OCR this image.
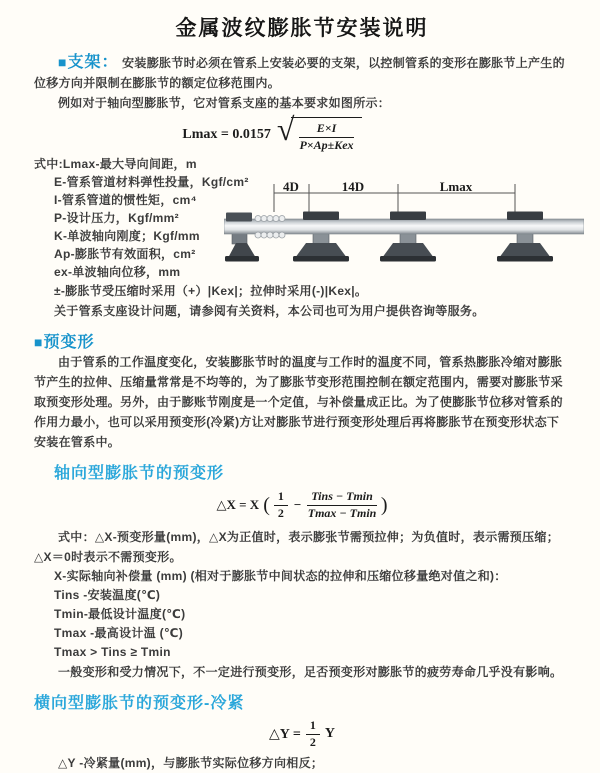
金属波纹膨胀节安装说明

■支架： 安装膨胀节时必须在管系上安装必要的支架，以控制管系的变形在膨胀节上产生的位移方向并限制在膨胀节的额定位移范围内。

例如对于轴向型膨胀节，它对管系支座的基本要求如图所示：

Lmax = 0.0157 √ $\frac{E\times I}{\text{P×Ap±Kex}}$
式中:Lmax-最大导向间距，m
E-管系管道材料弹性投量，Kgf/cm²
I-管系管道的惯性矩，cm⁴
P-设计压力，Kgf/mm²
K-单波轴向刚度；Kgf/mm
Ap-膨胀节有效面积，cm²
ex-单波轴向位移，mm
±-膨胀节受压缩时采用（+）|Kex|；拉伸时采用(-)|Kex|。
关于管系支座设计问题，请参阅有关资料，本公司也可为用户提供咨询等服务。
4D	14D	Lmax
■预变形

由于管系的工作温度变化，安装膨胀节时的温度与工作时的温度不同，管系热膨胀冷缩对膨胀节产生的拉伸、压缩量常常是不均等的，为了膨胀节变形范围控制在额定范围内，需要对膨胀节采取预变形处理。另外，由于膨账节刚度是一个定值，与补偿量成正比。为了使膨胀节位移对管系的作用力最小，也可以采用预变形(冷紧)方让对膨胀节进行预变形处理后再将膨胀节在预变形状态下安装在管系中。

轴向型膨胀节的预变形
△X = X ( $\frac{1}{2} - \frac{\text{Tins − Tmin}}{Tmax - Tmin}$ )

式中：△X-预变形量(mm)，△X为正值时，表示膨张节需预拉伸；为负值时，表示需预压缩；△X＝0时表示不需预变形。

X-实际轴向补偿量 (mm) (相对于膨胀节中间状态的拉伸和压缩位移量绝对值之和)：
Tins -安装温度(℃)
Tmin-最低设计温度(℃)
Tmax -最高设计温 (℃)
Tmax > Tins ≥ Tmin

一般变形和受力情况下，不一定进行预变形，足否预变形对膨胀节的疲劳寿命几乎没有影响。

横向型膨胀节的预变形-冷紧
△Y = $\frac{1}{2}$ Y

△Y -冷紧量(mm)，与膨胀节实际位移方向相反；
